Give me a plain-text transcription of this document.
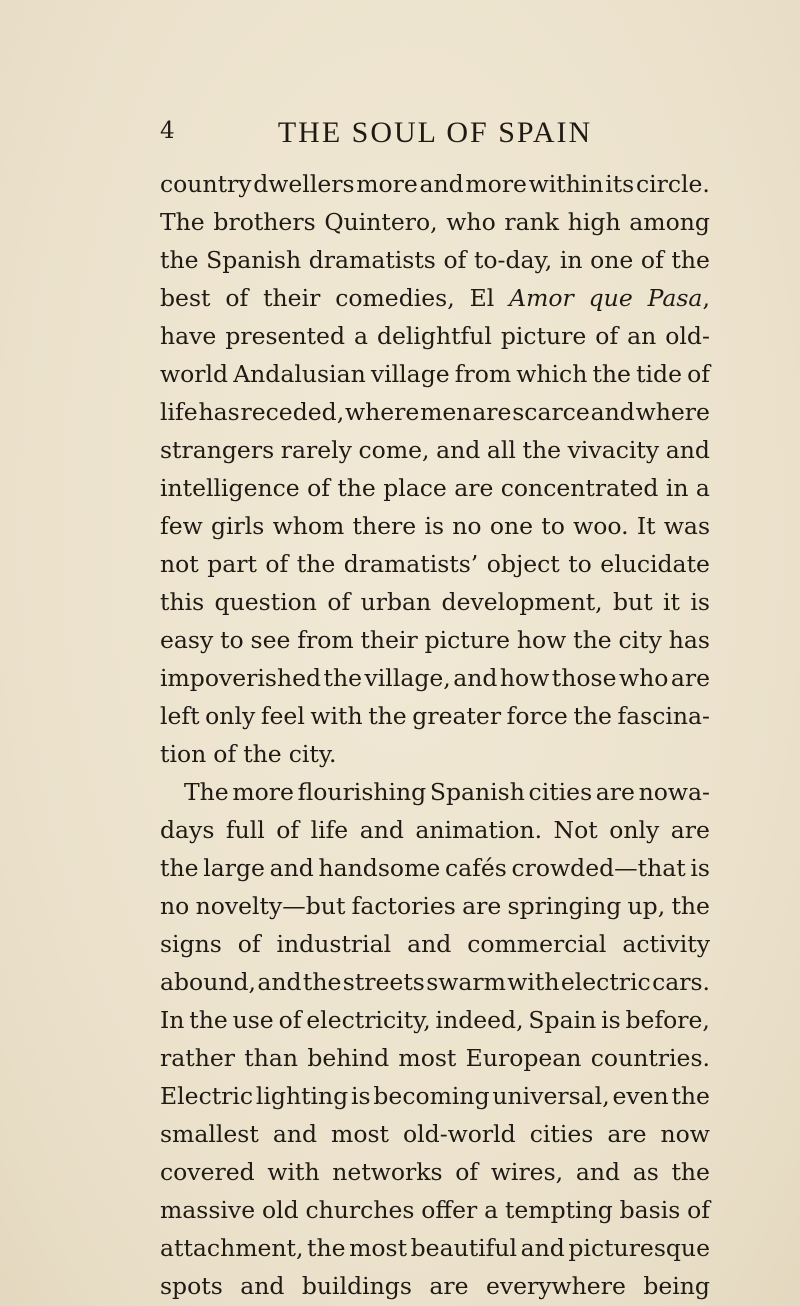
4	THE SOUL OF SPAIN
country dwellers more and more within its circle.
The brothers Quintero, who rank high among
the Spanish dramatists of to-day, in one of the
best of their comedies, El Amor que Pasa,
have presented a delightful picture of an old-
world Andalusian village from which the tide of
life has receded, where men are scarce and where
strangers rarely come, and all the vivacity and
intelligence of the place are concentrated in a
few girls whom there is no one to woo. It was
not part of the dramatists’ object to elucidate
this question of urban development, but it is
easy to see from their picture how the city has
impoverished the village, and how those who are
left only feel with the greater force the fascina-
tion of the city.
The more flourishing Spanish cities are nowa-
days full of life and animation. Not only are
the large and handsome cafés crowded—that is
no novelty—but factories are springing up, the
signs of industrial and commercial activity
abound, and the streets swarm with electric cars.
In the use of electricity, indeed, Spain is before,
rather than behind most European countries.
Electric lighting is becoming universal, even the
smallest and most old-world cities are now
covered with networks of wires, and as the
massive old churches offer a tempting basis of
attachment, the most beautiful and picturesque
spots and buildings are everywhere being
